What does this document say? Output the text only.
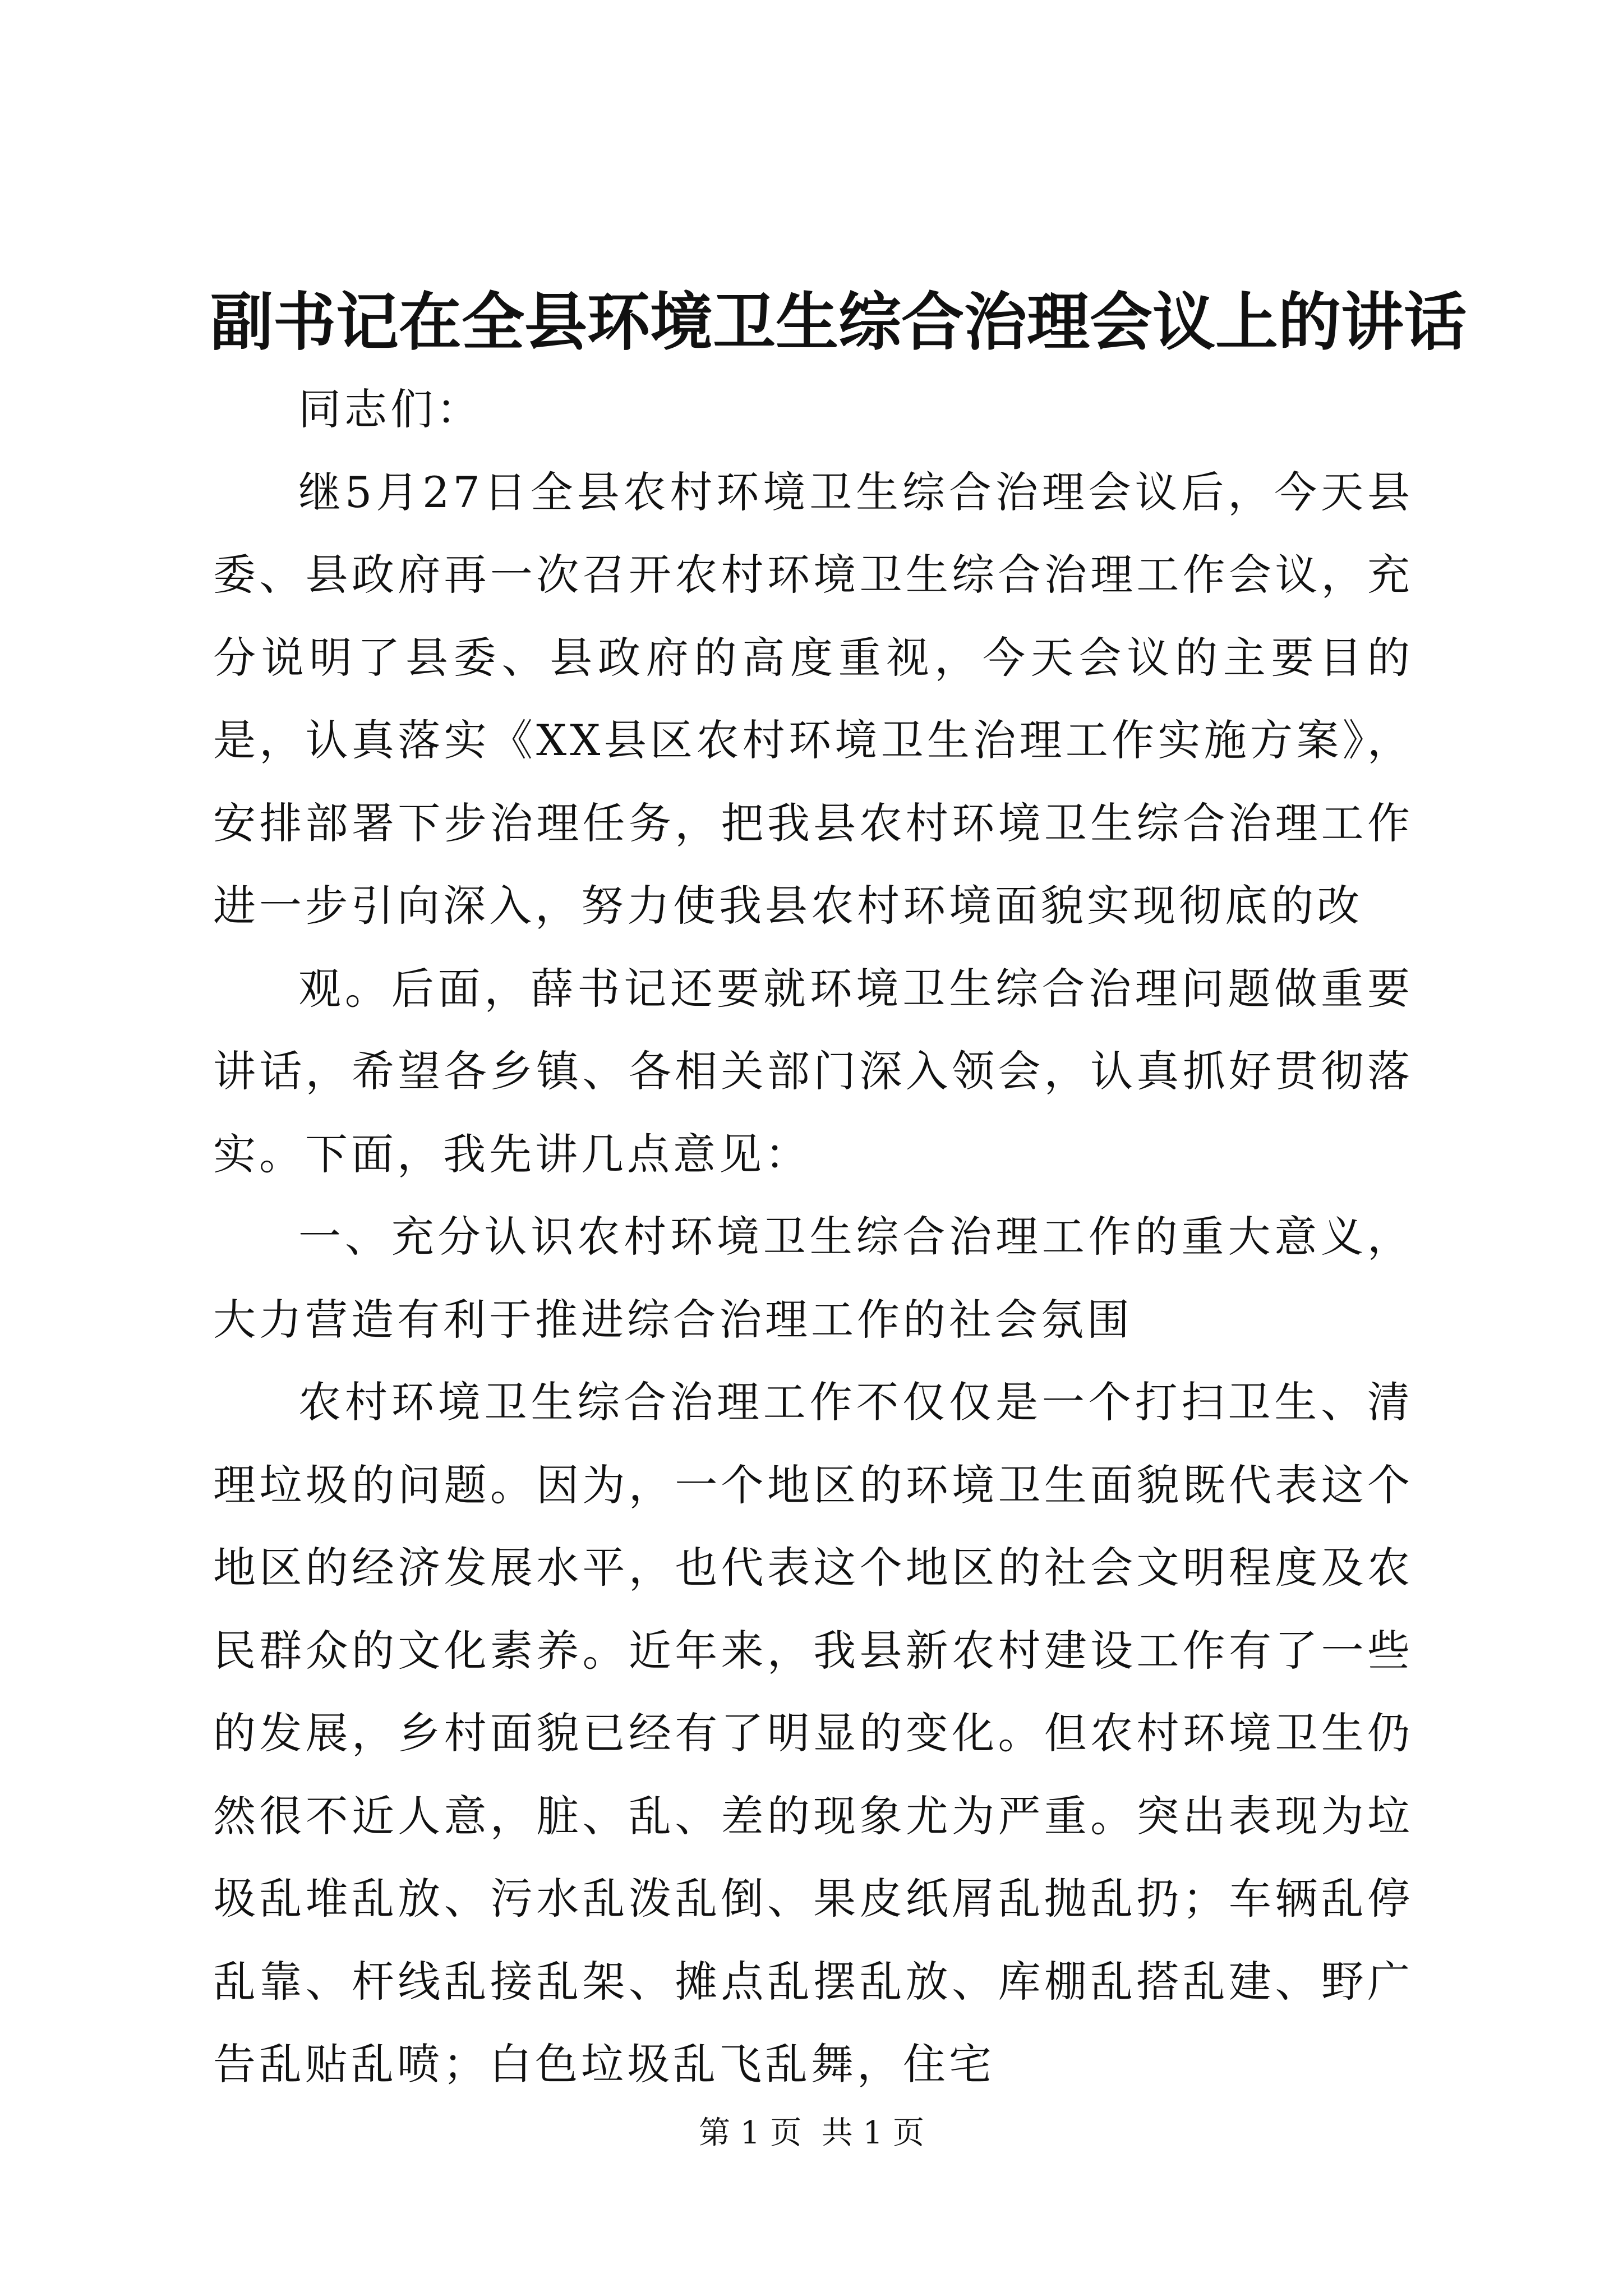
副书记在全县环境卫生综合治理会议上的讲话

同志们：

继5月27日全县农村环境卫生综合治理会议后，今天县委、县政府再一次召开农村环境卫生综合治理工作会议，充分说明了县委、县政府的高度重视，今天会议的主要目的是，认真落实《XX县区农村环境卫生治理工作实施方案》，安排部署下步治理任务，把我县农村环境卫生综合治理工作进一步引向深入，努力使我县农村环境面貌实现彻底的改

观。后面，薛书记还要就环境卫生综合治理问题做重要讲话，希望各乡镇、各相关部门深入领会，认真抓好贯彻落实。下面，我先讲几点意见：

一、充分认识农村环境卫生综合治理工作的重大意义，大力营造有利于推进综合治理工作的社会氛围

农村环境卫生综合治理工作不仅仅是一个打扫卫生、清理垃圾的问题。因为，一个地区的环境卫生面貌既代表这个地区的经济发展水平，也代表这个地区的社会文明程度及农民群众的文化素养。近年来，我县新农村建设工作有了一些的发展，乡村面貌已经有了明显的变化。但农村环境卫生仍然很不近人意，脏、乱、差的现象尤为严重。突出表现为垃圾乱堆乱放、污水乱泼乱倒、果皮纸屑乱抛乱扔；车辆乱停乱靠、杆线乱接乱架、摊点乱摆乱放、库棚乱搭乱建、野广告乱贴乱喷；白色垃圾乱飞乱舞，住宅

第 1 页  共 1 页
